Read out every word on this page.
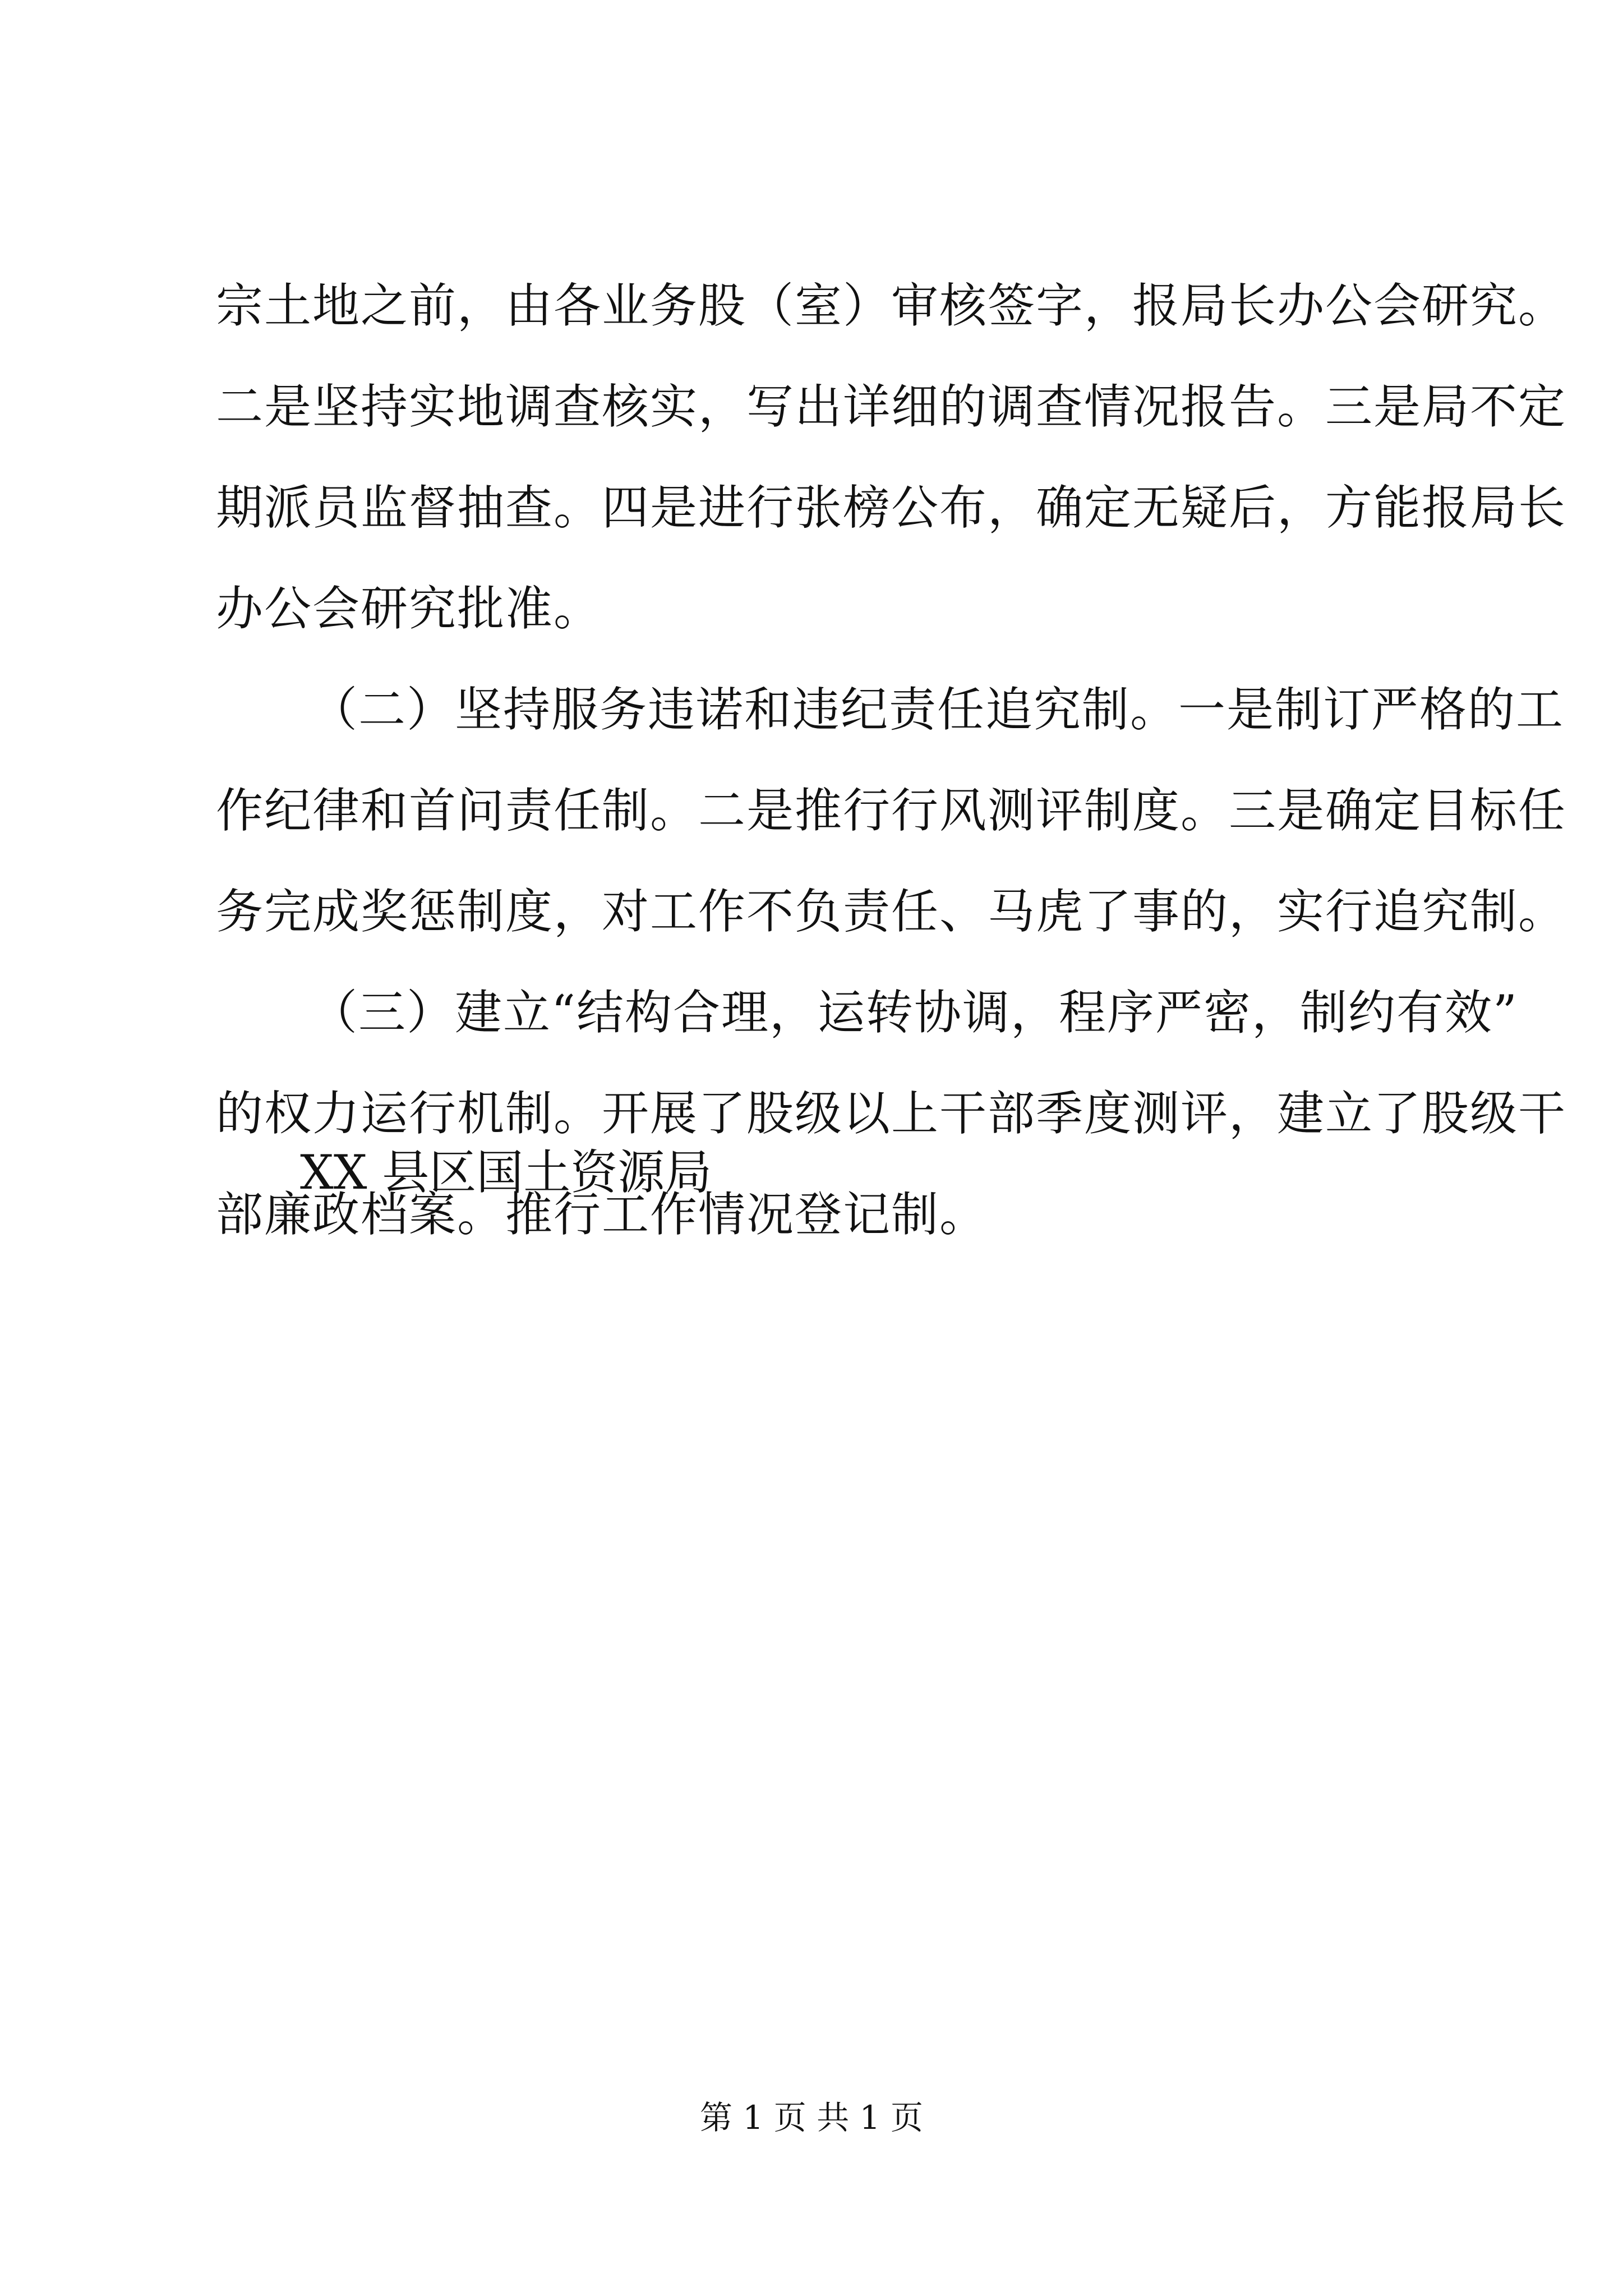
宗土地之前，由各业务股（室）审核签字，报局长办公会研究。
二是坚持实地调查核实，写出详细的调查情况报告。三是局不定
期派员监督抽查。四是进行张榜公布，确定无疑后，方能报局长
办公会研究批准。
（二）坚持服务违诺和违纪责任追究制。一是制订严格的工
作纪律和首问责任制。二是推行行风测评制度。三是确定目标任
务完成奖惩制度，对工作不负责任、马虎了事的，实行追究制。
（三）建立“结构合理，运转协调，程序严密，制约有效”
的权力运行机制。开展了股级以上干部季度测评，建立了股级干
部廉政档案。推行工作情况登记制。
XX 县区国土资源局
第 1 页 共 1 页
